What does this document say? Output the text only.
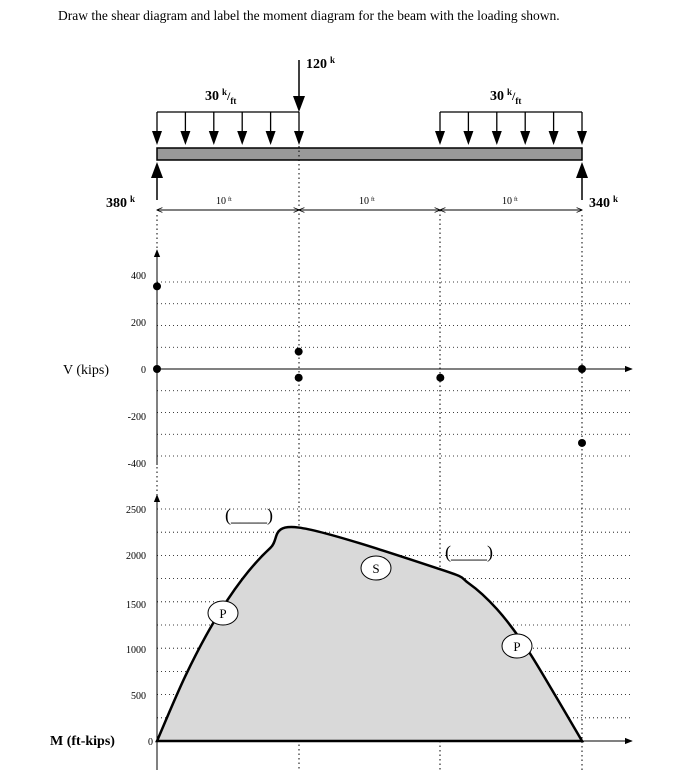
Draw the shear diagram and label the moment diagram for the beam with the loading shown.
120 $^k$
30 $^k/_{ft}$	30 $^k/_{ft}$
380 $^k$	340 $^k$
10 $^{ft}$	10 $^{ft}$	10 $^{ft}$
V (kips)
400
200
0
-200
-400
M (ft-kips)
2500
2000
1500
1000
500
0
(____)
(____)
P
S
P
